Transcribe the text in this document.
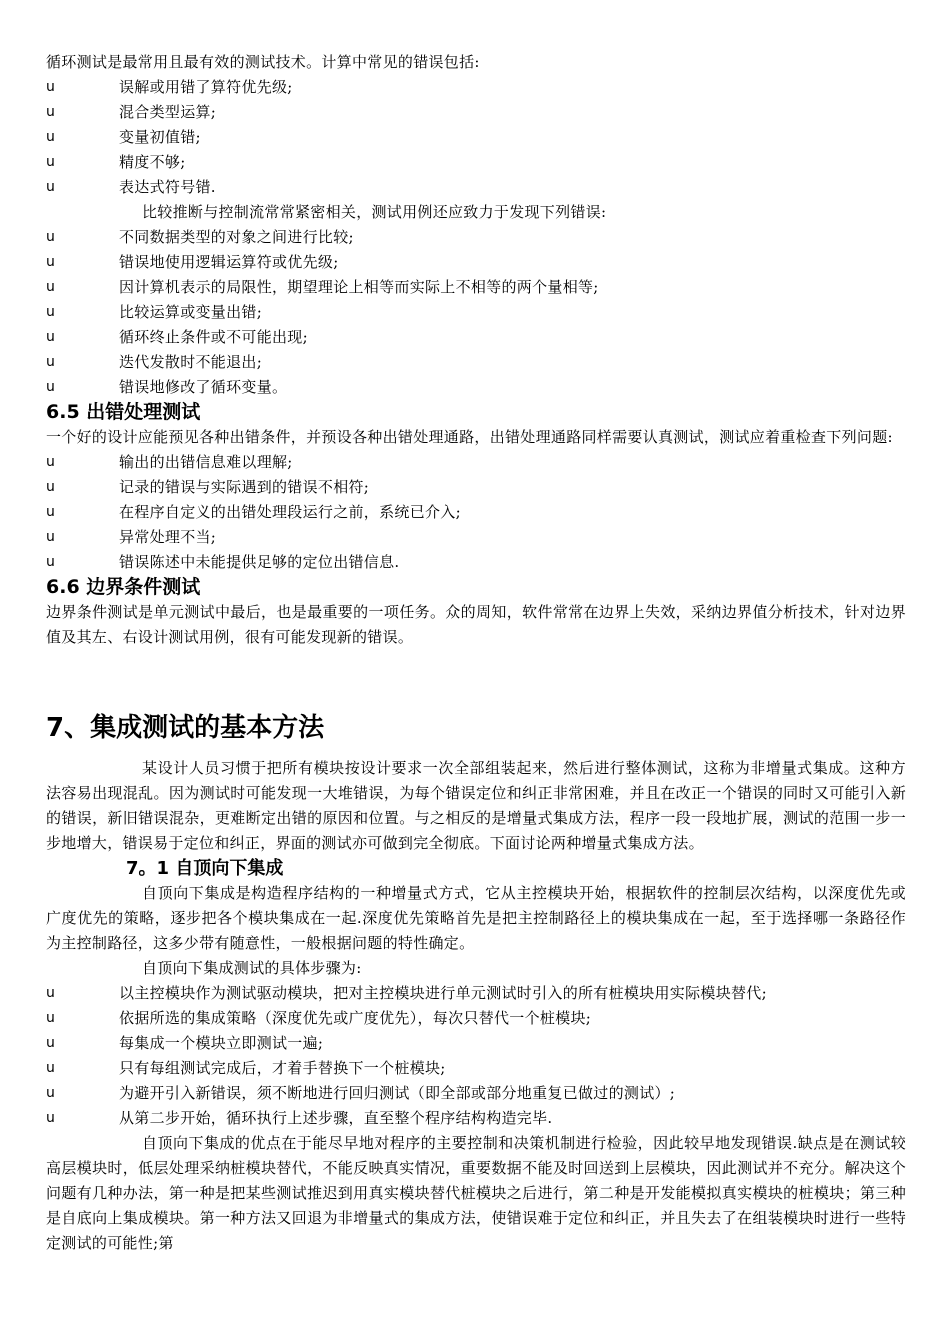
循环测试是最常用且最有效的测试技术。计算中常见的错误包括:
u	误解或用错了算符优先级;
u	混合类型运算;
u	变量初值错;
u	精度不够;
u	表达式符号错.
比较推断与控制流常常紧密相关，测试用例还应致力于发现下列错误:
u	不同数据类型的对象之间进行比较;
u	错误地使用逻辑运算符或优先级;
u	因计算机表示的局限性，期望理论上相等而实际上不相等的两个量相等;
u	比较运算或变量出错;
u	循环终止条件或不可能出现;
u	迭代发散时不能退出;
u	错误地修改了循环变量。
6.5 出错处理测试
一个好的设计应能预见各种出错条件，并预设各种出错处理通路，出错处理通路同样需要认真测试，测试应着重检查下列问题:
u	输出的出错信息难以理解;
u	记录的错误与实际遇到的错误不相符;
u	在程序自定义的出错处理段运行之前，系统已介入;
u	异常处理不当;
u	错误陈述中未能提供足够的定位出错信息.
6.6 边界条件测试
边界条件测试是单元测试中最后，也是最重要的一项任务。众的周知，软件常常在边界上失效，采纳边界值分析技术，针对边界值及其左、右设计测试用例，很有可能发现新的错误。
7、集成测试的基本方法
某设计人员习惯于把所有模块按设计要求一次全部组装起来，然后进行整体测试，这称为非增量式集成。这种方法容易出现混乱。因为测试时可能发现一大堆错误，为每个错误定位和纠正非常困难，并且在改正一个错误的同时又可能引入新的错误，新旧错误混杂，更难断定出错的原因和位置。与之相反的是增量式集成方法，程序一段一段地扩展，测试的范围一步一步地增大，错误易于定位和纠正，界面的测试亦可做到完全彻底。下面讨论两种增量式集成方法。
7。1 自顶向下集成
自顶向下集成是构造程序结构的一种增量式方式，它从主控模块开始，根据软件的控制层次结构，以深度优先或广度优先的策略，逐步把各个模块集成在一起.深度优先策略首先是把主控制路径上的模块集成在一起，至于选择哪一条路径作为主控制路径，这多少带有随意性，一般根据问题的特性确定。
自顶向下集成测试的具体步骤为:
u	以主控模块作为测试驱动模块，把对主控模块进行单元测试时引入的所有桩模块用实际模块替代;
u	依据所选的集成策略（深度优先或广度优先），每次只替代一个桩模块;
u	每集成一个模块立即测试一遍;
u	只有每组测试完成后，才着手替换下一个桩模块;
u	为避开引入新错误，须不断地进行回归测试（即全部或部分地重复已做过的测试）;
u	从第二步开始，循环执行上述步骤，直至整个程序结构构造完毕.
自顶向下集成的优点在于能尽早地对程序的主要控制和决策机制进行检验，因此较早地发现错误.缺点是在测试较高层模块时，低层处理采纳桩模块替代，不能反映真实情况，重要数据不能及时回送到上层模块，因此测试并不充分。解决这个问题有几种办法，第一种是把某些测试推迟到用真实模块替代桩模块之后进行，第二种是开发能模拟真实模块的桩模块；第三种是自底向上集成模块。第一种方法又回退为非增量式的集成方法，使错误难于定位和纠正，并且失去了在组装模块时进行一些特定测试的可能性;第
